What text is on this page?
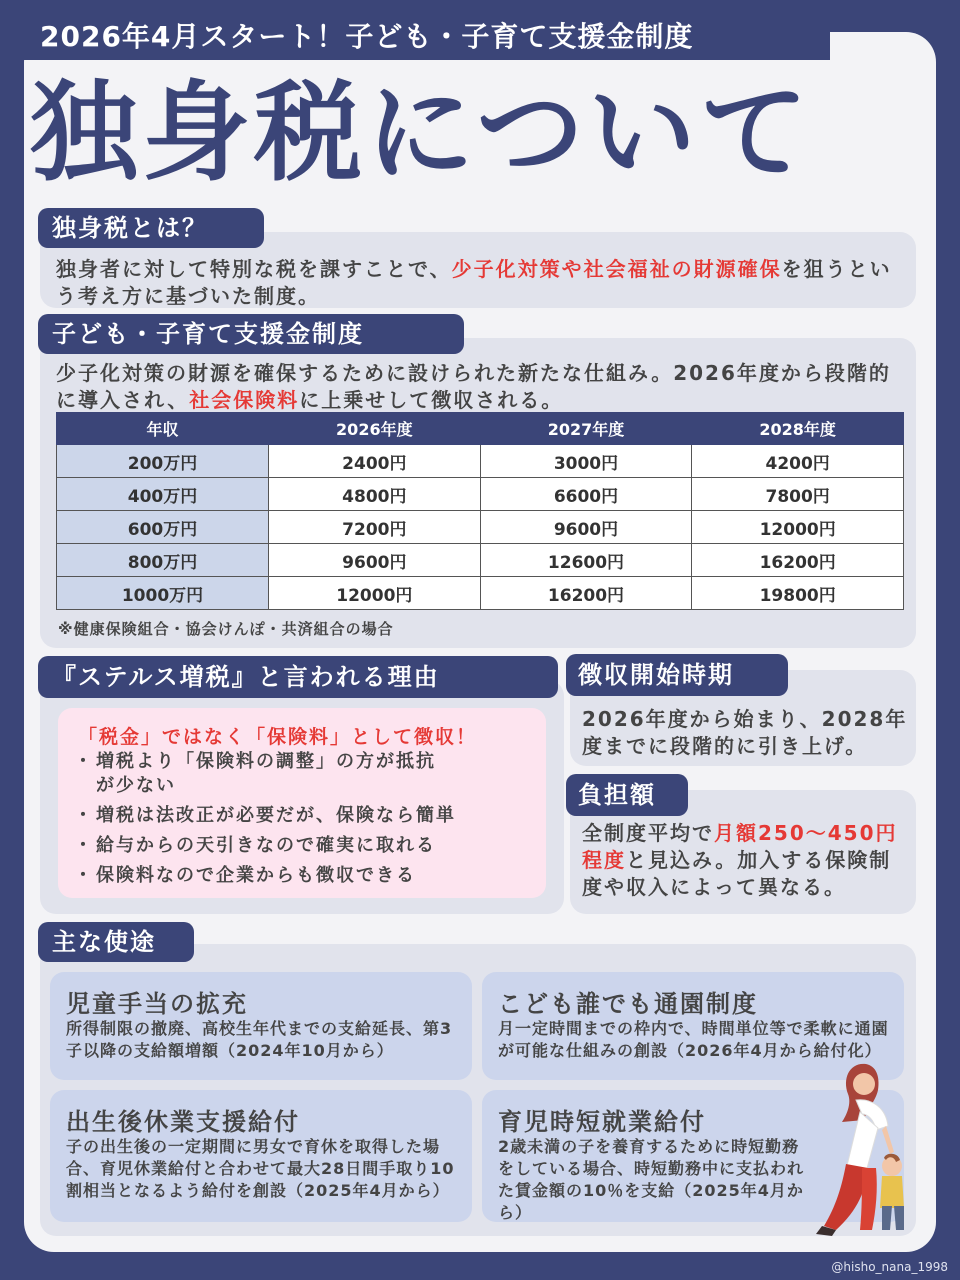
2026年4月スタート！子ども・子育て支援金制度
独身税について
独身税とは？
独身者に対して特別な税を課すことで、少子化対策や社会福祉の財源確保を狙うという考え方に基づいた制度。
子ども・子育て支援金制度
少子化対策の財源を確保するために設けられた新たな仕組み。2026年度から段階的に導入され、社会保険料に上乗せして徴収される。
年収	2026年度	2027年度	2028年度
200万円	2400円	3000円	4200円
400万円	4800円	6600円	7800円
600万円	7200円	9600円	12000円
800万円	9600円	12600円	16200円
1000万円	12000円	16200円	19800円
※健康保険組合・協会けんぽ・共済組合の場合
『ステルス増税』と言われる理由
「税金」ではなく「保険料」として徴収！
・ 増税より「保険料の調整」の方が抵抗が少ない
・ 増税は法改正が必要だが、保険なら簡単
・ 給与からの天引きなので確実に取れる
・ 保険料なので企業からも徴収できる
徴収開始時期
2026年度から始まり、2028年度までに段階的に引き上げ。
負担額
全制度平均で月額250〜450円程度と見込み。加入する保険制度や収入によって異なる。
主な使途
児童手当の拡充
所得制限の撤廃、高校生年代までの支給延長、第3子以降の支給額増額（2024年10月から）
こども誰でも通園制度
月一定時間までの枠内で、時間単位等で柔軟に通園が可能な仕組みの創設（2026年4月から給付化）
出生後休業支援給付
子の出生後の一定期間に男女で育休を取得した場合、育児休業給付と合わせて最大28日間手取り10割相当となるよう給付を創設（2025年4月から）
育児時短就業給付
2歳未満の子を養育するために時短勤務をしている場合、時短勤務中に支払われた賃金額の10％を支給（2025年4月から）
@hisho_nana_1998
